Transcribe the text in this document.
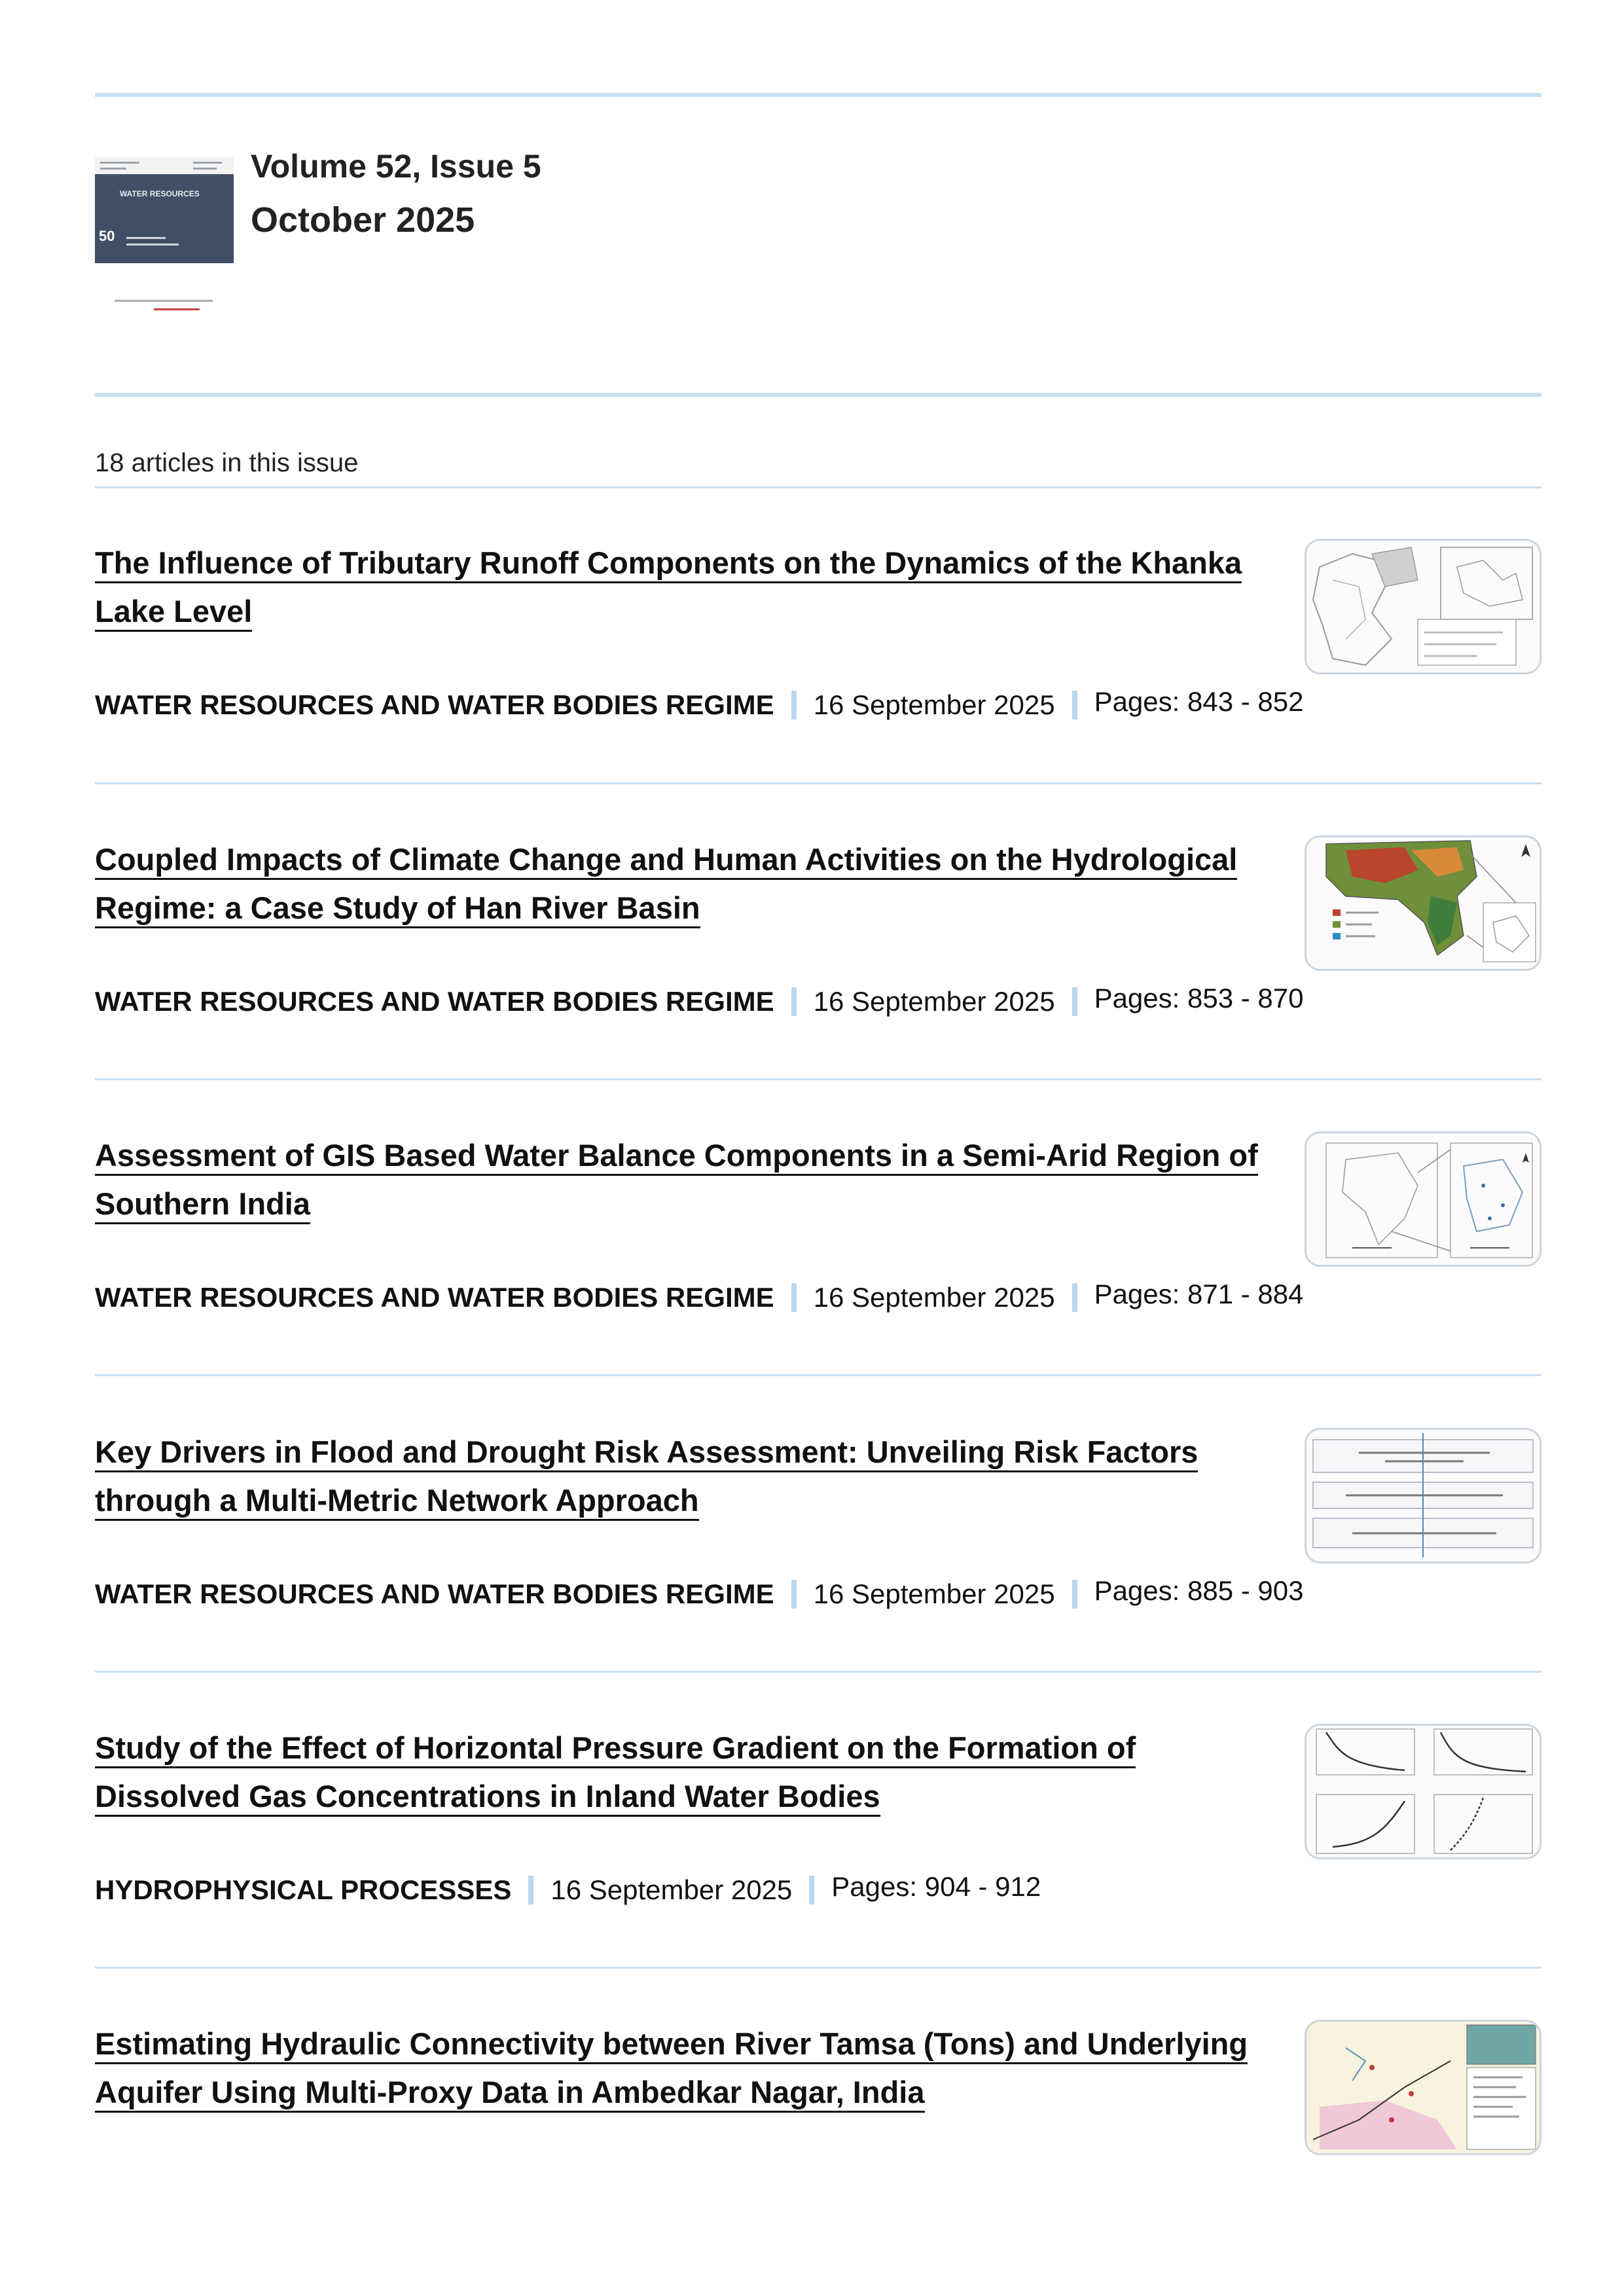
WATER RESOURCES
50
Volume 52, Issue 5
October 2025
18 articles in this issue
The Influence of Tributary Runoff Components on the Dynamics of the Khanka Lake Level
WATER RESOURCES AND WATER BODIES REGIME 16 September 2025 Pages: 843 - 852
Coupled Impacts of Climate Change and Human Activities on the Hydrological Regime: a Case Study of Han River Basin
WATER RESOURCES AND WATER BODIES REGIME 16 September 2025 Pages: 853 - 870
Assessment of GIS Based Water Balance Components in a Semi-Arid Region of Southern India
WATER RESOURCES AND WATER BODIES REGIME 16 September 2025 Pages: 871 - 884
Key Drivers in Flood and Drought Risk Assessment: Unveiling Risk Factors through a Multi-Metric Network Approach
WATER RESOURCES AND WATER BODIES REGIME 16 September 2025 Pages: 885 - 903
Study of the Effect of Horizontal Pressure Gradient on the Formation of Dissolved Gas Concentrations in Inland Water Bodies
HYDROPHYSICAL PROCESSES 16 September 2025 Pages: 904 - 912
Estimating Hydraulic Connectivity between River Tamsa (Tons) and Underlying Aquifer Using Multi-Proxy Data in Ambedkar Nagar, India
